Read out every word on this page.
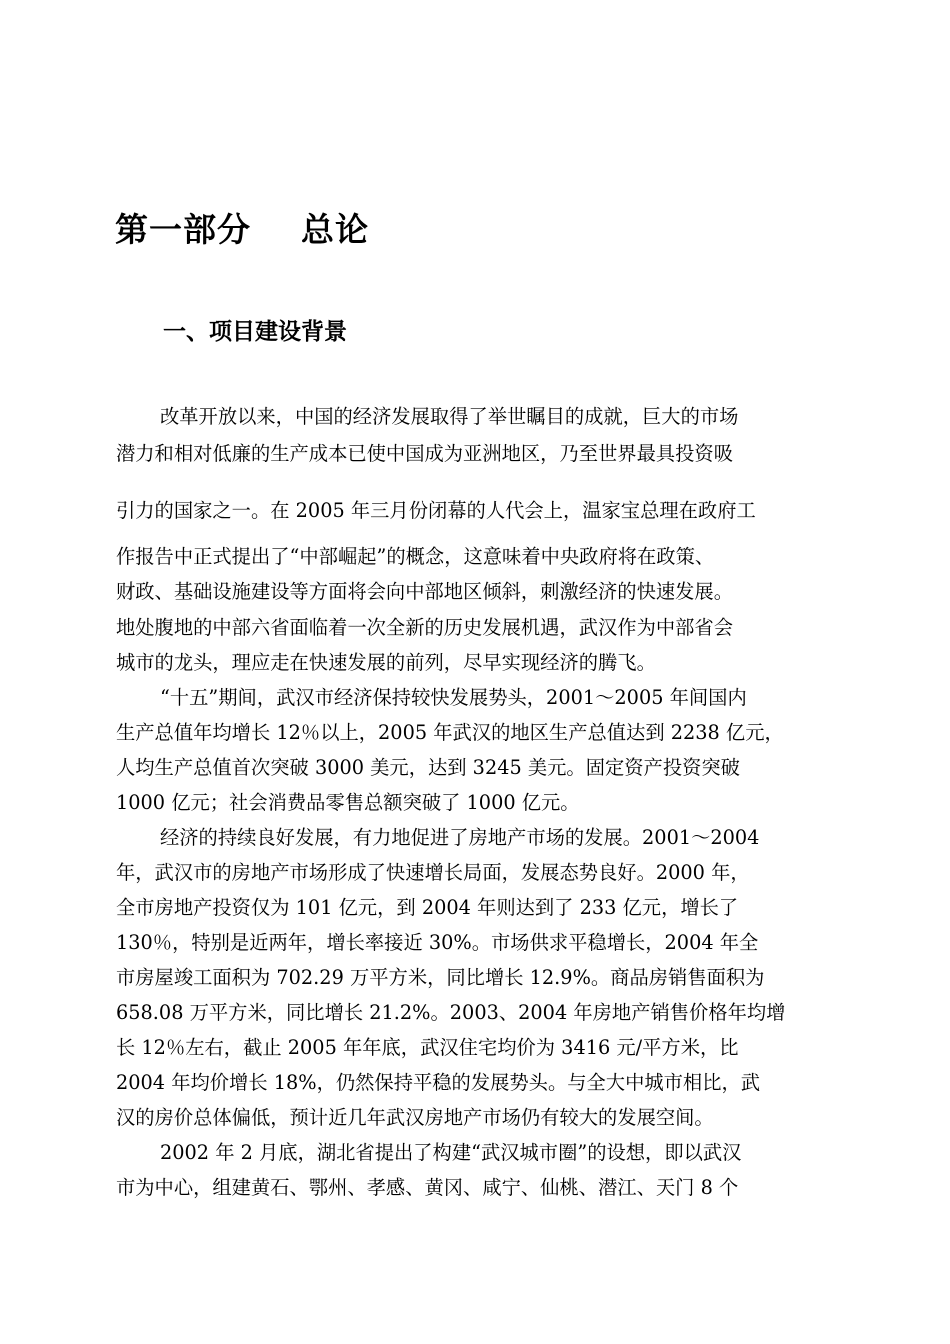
第一部分    总论
一、项目建设背景

改革开放以来，中国的经济发展取得了举世瞩目的成就，巨大的市场

潜力和相对低廉的生产成本已使中国成为亚洲地区，乃至世界最具投资吸

引力的国家之一。在 2005 年三月份闭幕的人代会上，温家宝总理在政府工

作报告中正式提出了“中部崛起”的概念，这意味着中央政府将在政策、

财政、基础设施建设等方面将会向中部地区倾斜，刺激经济的快速发展。

地处腹地的中部六省面临着一次全新的历史发展机遇，武汉作为中部省会

城市的龙头，理应走在快速发展的前列，尽早实现经济的腾飞。

“十五”期间，武汉市经济保持较快发展势头，2001～2005 年间国内

生产总值年均增长 12％以上，2005 年武汉的地区生产总值达到 2238 亿元，

人均生产总值首次突破 3000 美元，达到 3245 美元。固定资产投资突破

1000 亿元；社会消费品零售总额突破了 1000 亿元。

经济的持续良好发展，有力地促进了房地产市场的发展。2001～2004

年，武汉市的房地产市场形成了快速增长局面，发展态势良好。2000 年，

全市房地产投资仅为 101 亿元，到 2004 年则达到了 233 亿元，增长了

130％，特别是近两年，增长率接近 30%。市场供求平稳增长，2004 年全

市房屋竣工面积为 702.29 万平方米，同比增长 12.9%。商品房销售面积为

658.08 万平方米，同比增长 21.2%。2003、2004 年房地产销售价格年均增

长 12％左右，截止 2005 年年底，武汉住宅均价为 3416 元/平方米，比

2004 年均价增长 18%，仍然保持平稳的发展势头。与全大中城市相比，武

汉的房价总体偏低，预计近几年武汉房地产市场仍有较大的发展空间。

2002 年 2 月底，湖北省提出了构建“武汉城市圈”的设想，即以武汉

市为中心，组建黄石、鄂州、孝感、黄冈、咸宁、仙桃、潜江、天门 8 个
